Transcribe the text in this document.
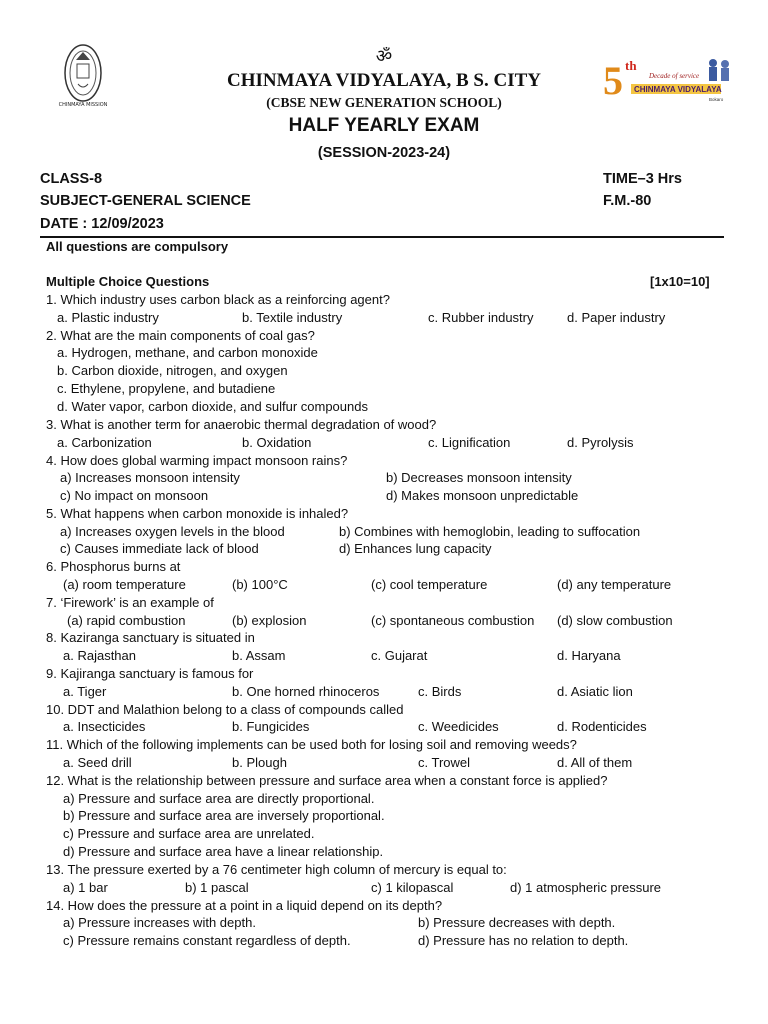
CHINMAYA MISSION
5 th
Decade of service
CHINMAYA VIDYALAYA
Bokaro
ॐ
CHINMAYA VIDYALAYA, B S. CITY
(CBSE NEW GENERATION SCHOOL)
HALF YEARLY EXAM
(SESSION-2023-24)
CLASS-8
SUBJECT-GENERAL SCIENCE
DATE : 12/09/2023
TIME–3 Hrs
F.M.-80
All questions are compulsory
Multiple Choice Questions	[1x10=10]
1. Which industry uses carbon black as a reinforcing agent?
a. Plastic industry	b. Textile industry	c. Rubber industry	d. Paper industry
2. What are the main components of coal gas?
a. Hydrogen, methane, and carbon monoxide
b. Carbon dioxide, nitrogen, and oxygen
c. Ethylene, propylene, and butadiene
d. Water vapor, carbon dioxide, and sulfur compounds
3. What is another term for anaerobic thermal degradation of wood?
a. Carbonization	b. Oxidation	c. Lignification	d. Pyrolysis
4. How does global warming impact monsoon rains?
a) Increases monsoon intensity	b) Decreases monsoon intensity
c) No impact on monsoon	d) Makes monsoon unpredictable
5. What happens when carbon monoxide is inhaled?
a) Increases oxygen levels in the blood	b) Combines with hemoglobin, leading to suffocation
c) Causes immediate lack of blood	d) Enhances lung capacity
6. Phosphorus burns at
(a) room temperature	(b) 100°C	(c) cool temperature	(d) any temperature
7. ‘Firework’ is an example of
(a) rapid combustion	(b) explosion	(c) spontaneous combustion (d) slow combustion
8. Kaziranga sanctuary is situated in
a. Rajasthan	b. Assam	c. Gujarat	d. Haryana
9. Kajiranga sanctuary is famous for
a. Tiger	b. One horned rhinoceros	c. Birds	d. Asiatic lion
10. DDT and Malathion belong to a class of compounds called
a. Insecticides	b. Fungicides	c. Weedicides	d. Rodenticides
11. Which of the following implements can be used both for losing soil and removing weeds?
a. Seed drill	b. Plough	c. Trowel	d. All of them
12. What is the relationship between pressure and surface area when a constant force is applied?
a) Pressure and surface area are directly proportional.
b) Pressure and surface area are inversely proportional.
c) Pressure and surface area are unrelated.
d) Pressure and surface area have a linear relationship.
13. The pressure exerted by a 76 centimeter high column of mercury is equal to:
a) 1 bar	b) 1 pascal	c) 1 kilopascal	d) 1 atmospheric pressure
14. How does the pressure at a point in a liquid depend on its depth?
a) Pressure increases with depth.	b) Pressure decreases with depth.
c) Pressure remains constant regardless of depth.	d) Pressure has no relation to depth.
